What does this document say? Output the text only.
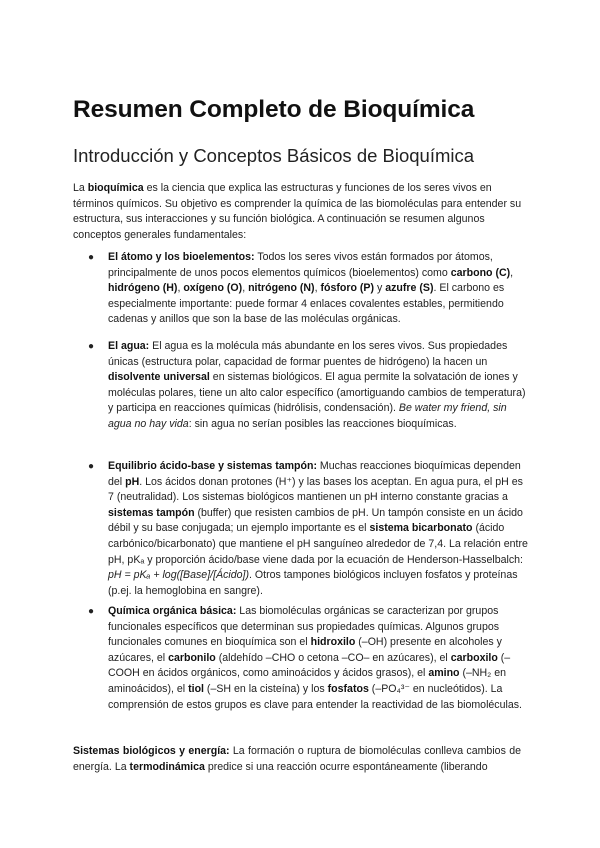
Resumen Completo de Bioquímica
Introducción y Conceptos Básicos de Bioquímica

La bioquímica es la ciencia que explica las estructuras y funciones de los seres vivos en términos químicos. Su objetivo es comprender la química de las biomoléculas para entender su estructura, sus interacciones y su función biológica. A continuación se resumen algunos conceptos generales fundamentales:

● El átomo y los bioelementos: Todos los seres vivos están formados por átomos, principalmente de unos pocos elementos químicos (bioelementos) como carbono (C), hidrógeno (H), oxígeno (O), nitrógeno (N), fósforo (P) y azufre (S). El carbono es especialmente importante: puede formar 4 enlaces covalentes estables, permitiendo cadenas y anillos que son la base de las moléculas orgánicas.
● El agua: El agua es la molécula más abundante en los seres vivos. Sus propiedades únicas (estructura polar, capacidad de formar puentes de hidrógeno) la hacen un disolvente universal en sistemas biológicos. El agua permite la solvatación de iones y moléculas polares, tiene un alto calor específico (amortiguando cambios de temperatura) y participa en reacciones químicas (hidrólisis, condensación). Be water my friend, sin agua no hay vida: sin agua no serían posibles las reacciones bioquímicas.
● Equilibrio ácido-base y sistemas tampón: Muchas reacciones bioquímicas dependen del pH. Los ácidos donan protones (H⁺) y las bases los aceptan. En agua pura, el pH es 7 (neutralidad). Los sistemas biológicos mantienen un pH interno constante gracias a sistemas tampón (buffer) que resisten cambios de pH. Un tampón consiste en un ácido débil y su base conjugada; un ejemplo importante es el sistema bicarbonato (ácido carbónico/bicarbonato) que mantiene el pH sanguíneo alrededor de 7,4. La relación entre pH, pKₐ y proporción ácido/base viene dada por la ecuación de Henderson-Hasselbalch: pH = pKₐ + log([Base]/[Ácido]). Otros tampones biológicos incluyen fosfatos y proteínas (p.ej. la hemoglobina en sangre).
● Química orgánica básica: Las biomoléculas orgánicas se caracterizan por grupos funcionales específicos que determinan sus propiedades químicas. Algunos grupos funcionales comunes en bioquímica son el hidroxilo (–OH) presente en alcoholes y azúcares, el carbonilo (aldehído –CHO o cetona –CO– en azúcares), el carboxilo (–COOH en ácidos orgánicos, como aminoácidos y ácidos grasos), el amino (–NH₂ en aminoácidos), el tiol (–SH en la cisteína) y los fosfatos (–PO₄³⁻ en nucleótidos). La comprensión de estos grupos es clave para entender la reactividad de las biomoléculas.

Sistemas biológicos y energía: La formación o ruptura de biomoléculas conlleva cambios de energía. La termodinámica predice si una reacción ocurre espontáneamente (liberando
